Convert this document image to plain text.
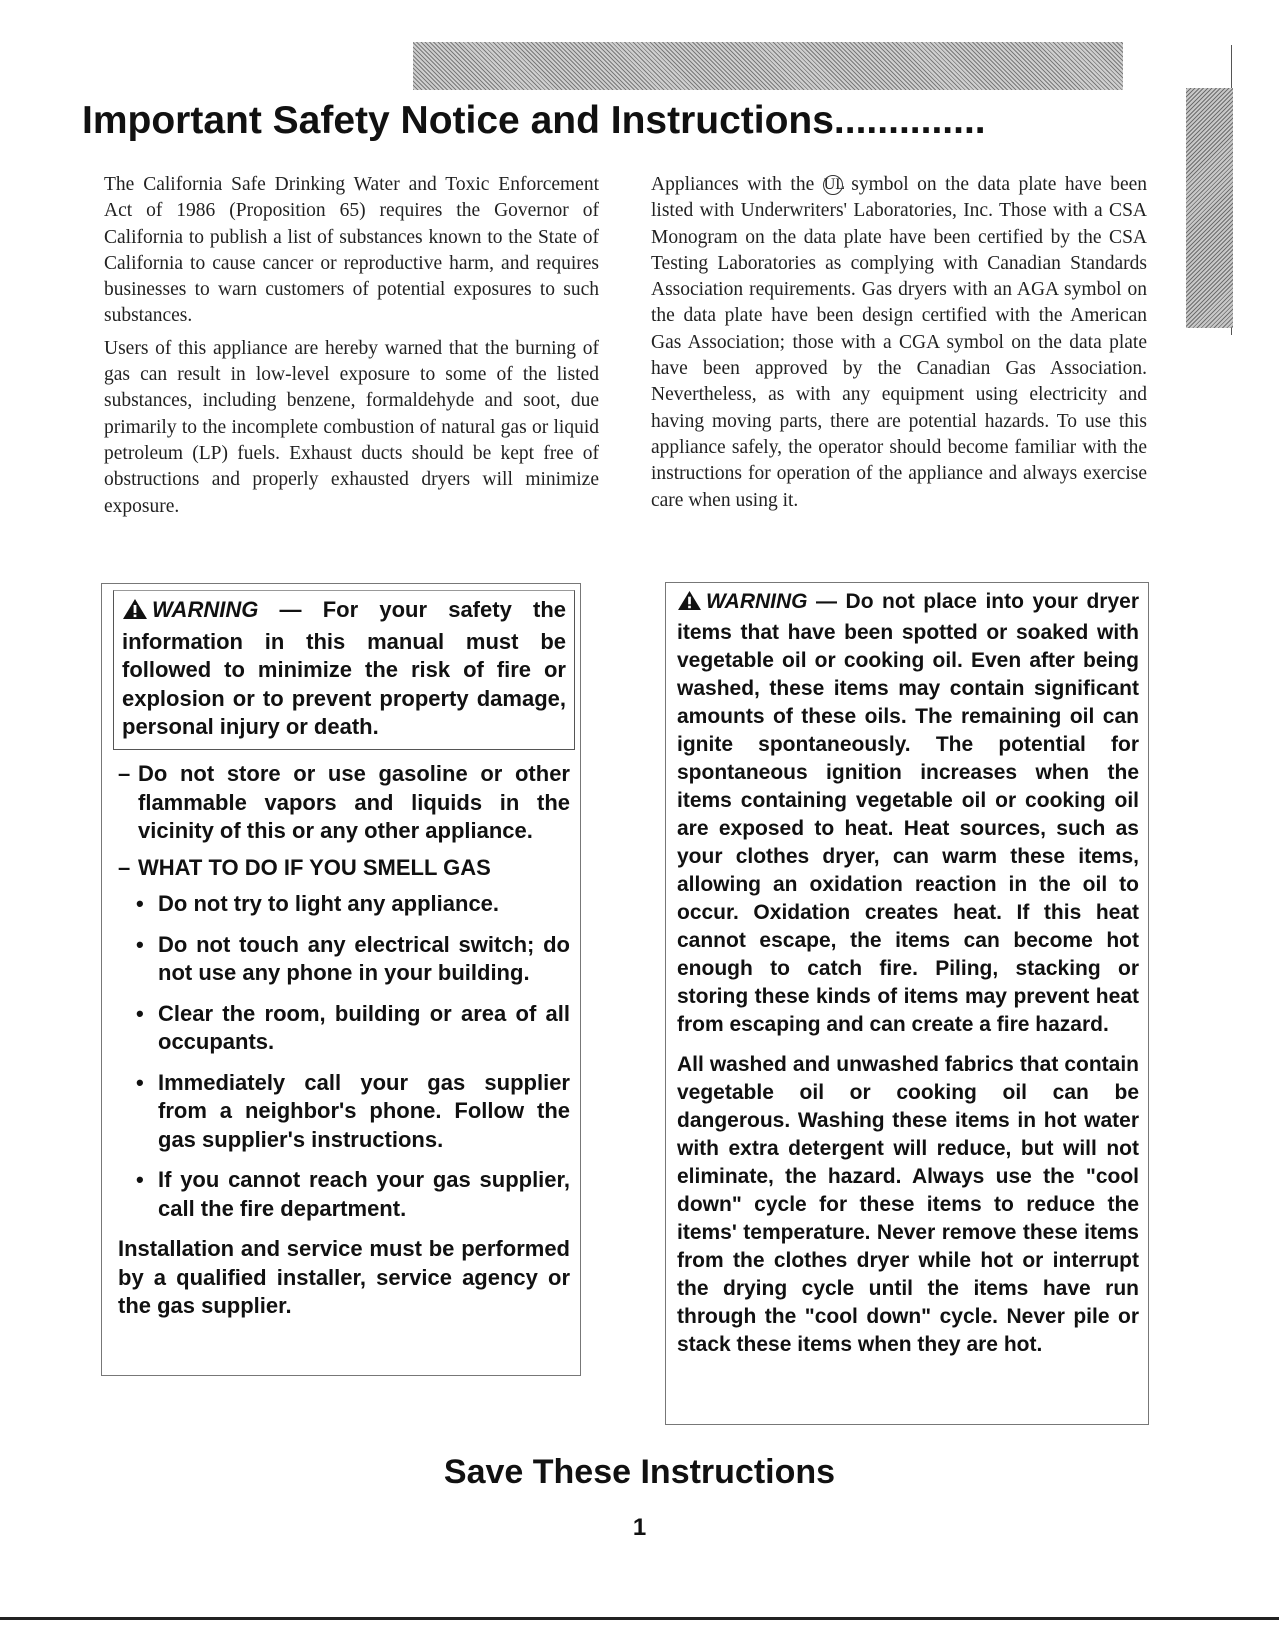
Important Safety Notice and Instructions..............

The California Safe Drinking Water and Toxic Enforcement Act of 1986 (Proposition 65) requires the Governor of California to publish a list of substances known to the State of California to cause cancer or reproductive harm, and requires businesses to warn customers of potential exposures to such substances.

Users of this appliance are hereby warned that the burning of gas can result in low-level exposure to some of the listed substances, including benzene, formaldehyde and soot, due primarily to the incomplete combustion of natural gas or liquid petroleum (LP) fuels. Exhaust ducts should be kept free of obstructions and properly exhausted dryers will minimize exposure.

Appliances with the UL symbol on the data plate have been listed with Underwriters' Laboratories, Inc. Those with a CSA Monogram on the data plate have been certified by the CSA Testing Laboratories as complying with Canadian Standards Association requirements. Gas dryers with an AGA symbol on the data plate have been design certified with the American Gas Association; those with a CGA symbol on the data plate have been approved by the Canadian Gas Association. Nevertheless, as with any equipment using electricity and having moving parts, there are potential hazards. To use this appliance safely, the operator should become familiar with the instructions for operation of the appliance and always exercise care when using it.

WARNING — For your safety the information in this manual must be followed to minimize the risk of fire or explosion or to prevent property damage, personal injury or death.
– Do not store or use gasoline or other flammable vapors and liquids in the vicinity of this or any other appliance.
– WHAT TO DO IF YOU SMELL GAS
• Do not try to light any appliance.
• Do not touch any electrical switch; do not use any phone in your building.
• Clear the room, building or area of all occupants.
• Immediately call your gas supplier from a neighbor's phone. Follow the gas supplier's instructions.
• If you cannot reach your gas supplier, call the fire department.

Installation and service must be performed by a qualified installer, service agency or the gas supplier.

WARNING — Do not place into your dryer items that have been spotted or soaked with vegetable oil or cooking oil. Even after being washed, these items may contain significant amounts of these oils. The remaining oil can ignite spontaneously. The potential for spontaneous ignition increases when the items containing vegetable oil or cooking oil are exposed to heat. Heat sources, such as your clothes dryer, can warm these items, allowing an oxidation reaction in the oil to occur. Oxidation creates heat. If this heat cannot escape, the items can become hot enough to catch fire. Piling, stacking or storing these kinds of items may prevent heat from escaping and can create a fire hazard.

All washed and unwashed fabrics that contain vegetable oil or cooking oil can be dangerous. Washing these items in hot water with extra detergent will reduce, but will not eliminate, the hazard. Always use the "cool down" cycle for these items to reduce the items' temperature. Never remove these items from the clothes dryer while hot or interrupt the drying cycle until the items have run through the "cool down" cycle. Never pile or stack these items when they are hot.

Save These Instructions
1
